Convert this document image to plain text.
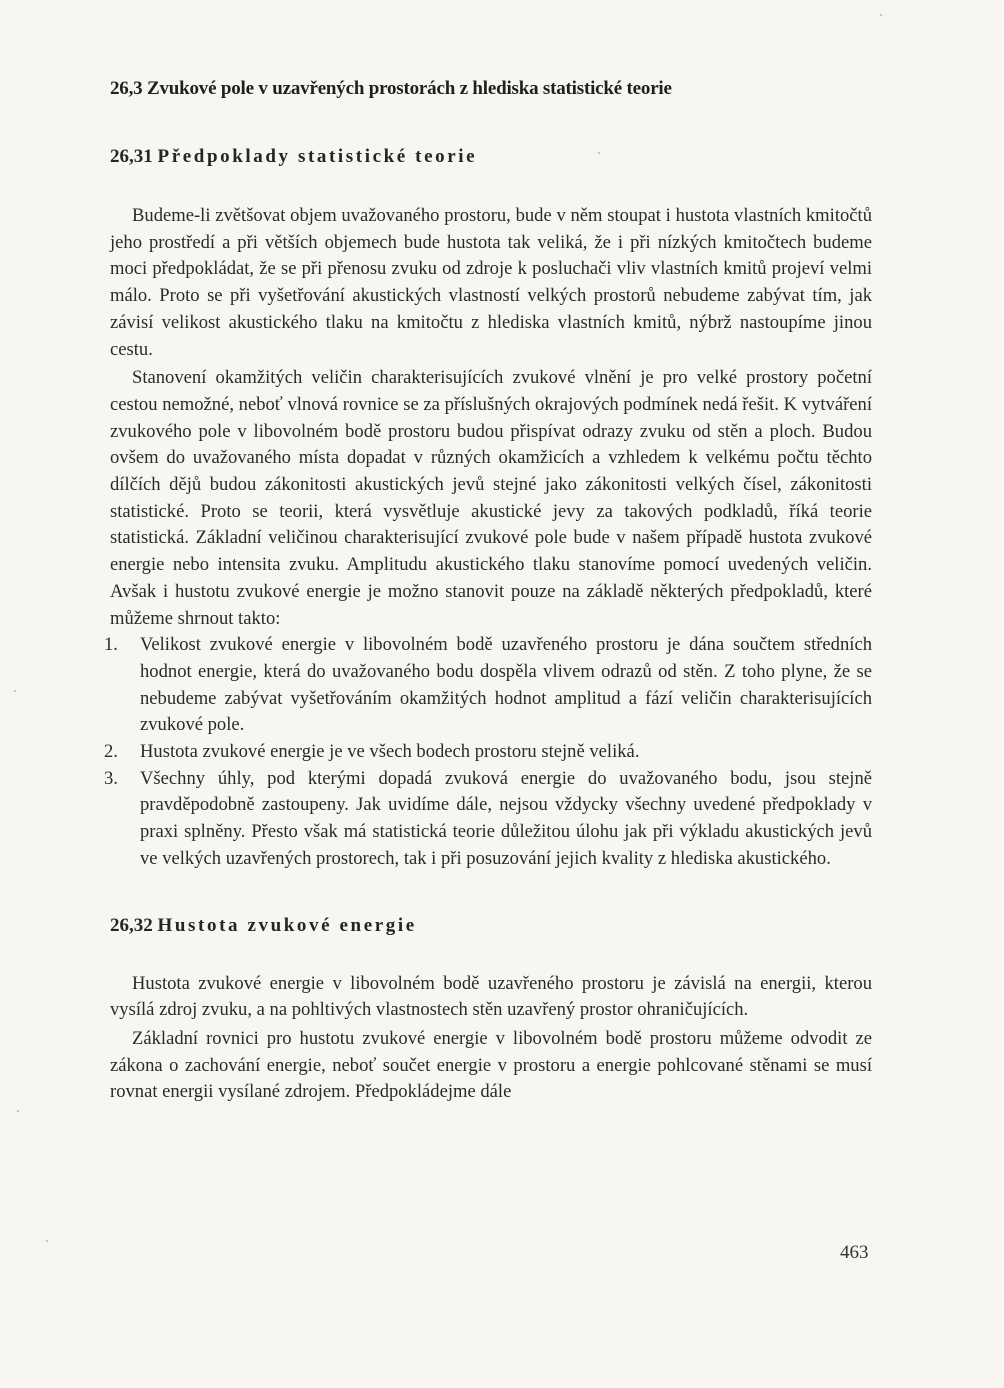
26,3 Zvukové pole v uzavřených prostorách z hlediska statistické teorie
26,31 Předpoklady statistické teorie

Budeme-li zvětšovat objem uvažovaného prostoru, bude v něm stoupat i hustota vlastních kmitočtů jeho prostředí a při větších objemech bude hustota tak veliká, že i při nízkých kmitočtech budeme moci předpokládat, že se při přenosu zvuku od zdroje k posluchači vliv vlastních kmitů projeví velmi málo. Proto se při vyšetřování akustických vlastností velkých prostorů nebudeme zabývat tím, jak závisí velikost akustického tlaku na kmitočtu z hlediska vlastních kmitů, nýbrž nastoupíme jinou cestu.

Stanovení okamžitých veličin charakterisujících zvukové vlnění je pro velké prostory početní cestou nemožné, neboť vlnová rovnice se za příslušných okrajových podmínek nedá řešit. K vytváření zvukového pole v libovolném bodě prostoru budou přispívat odrazy zvuku od stěn a ploch. Budou ovšem do uvažovaného místa dopadat v různých okamžicích a vzhledem k velkému počtu těchto dílčích dějů budou zákonitosti akustických jevů stejné jako zákonitosti velkých čísel, zákonitosti statistické. Proto se teorii, která vysvětluje akustické jevy za takových podkladů, říká teorie statistická. Základní veličinou charakterisující zvukové pole bude v našem případě hustota zvukové energie nebo intensita zvuku. Amplitudu akustického tlaku stanovíme pomocí uvedených veličin. Avšak i hustotu zvukové energie je možno stanovit pouze na základě některých předpokladů, které můžeme shrnout takto:

1. Velikost zvukové energie v libovolném bodě uzavřeného prostoru je dána součtem středních hodnot energie, která do uvažovaného bodu dospěla vlivem odrazů od stěn. Z toho plyne, že se nebudeme zabývat vyšetřováním okamžitých hodnot amplitud a fází veličin charakterisujících zvukové pole.
2. Hustota zvukové energie je ve všech bodech prostoru stejně veliká.
3. Všechny úhly, pod kterými dopadá zvuková energie do uvažovaného bodu, jsou stejně pravděpodobně zastoupeny. Jak uvidíme dále, nejsou vždycky všechny uvedené předpoklady v praxi splněny. Přesto však má statistická teorie důležitou úlohu jak při výkladu akustických jevů ve velkých uzavřených prostorech, tak i při posuzování jejich kvality z hlediska akustického.
26,32 Hustota zvukové energie

Hustota zvukové energie v libovolném bodě uzavřeného prostoru je závislá na energii, kterou vysílá zdroj zvuku, a na pohltivých vlastnostech stěn uzavřený prostor ohraničujících.

Základní rovnici pro hustotu zvukové energie v libovolném bodě prostoru můžeme odvodit ze zákona o zachování energie, neboť součet energie v prostoru a energie pohlcované stěnami se musí rovnat energii vysílané zdrojem. Předpokládejme dále

463
